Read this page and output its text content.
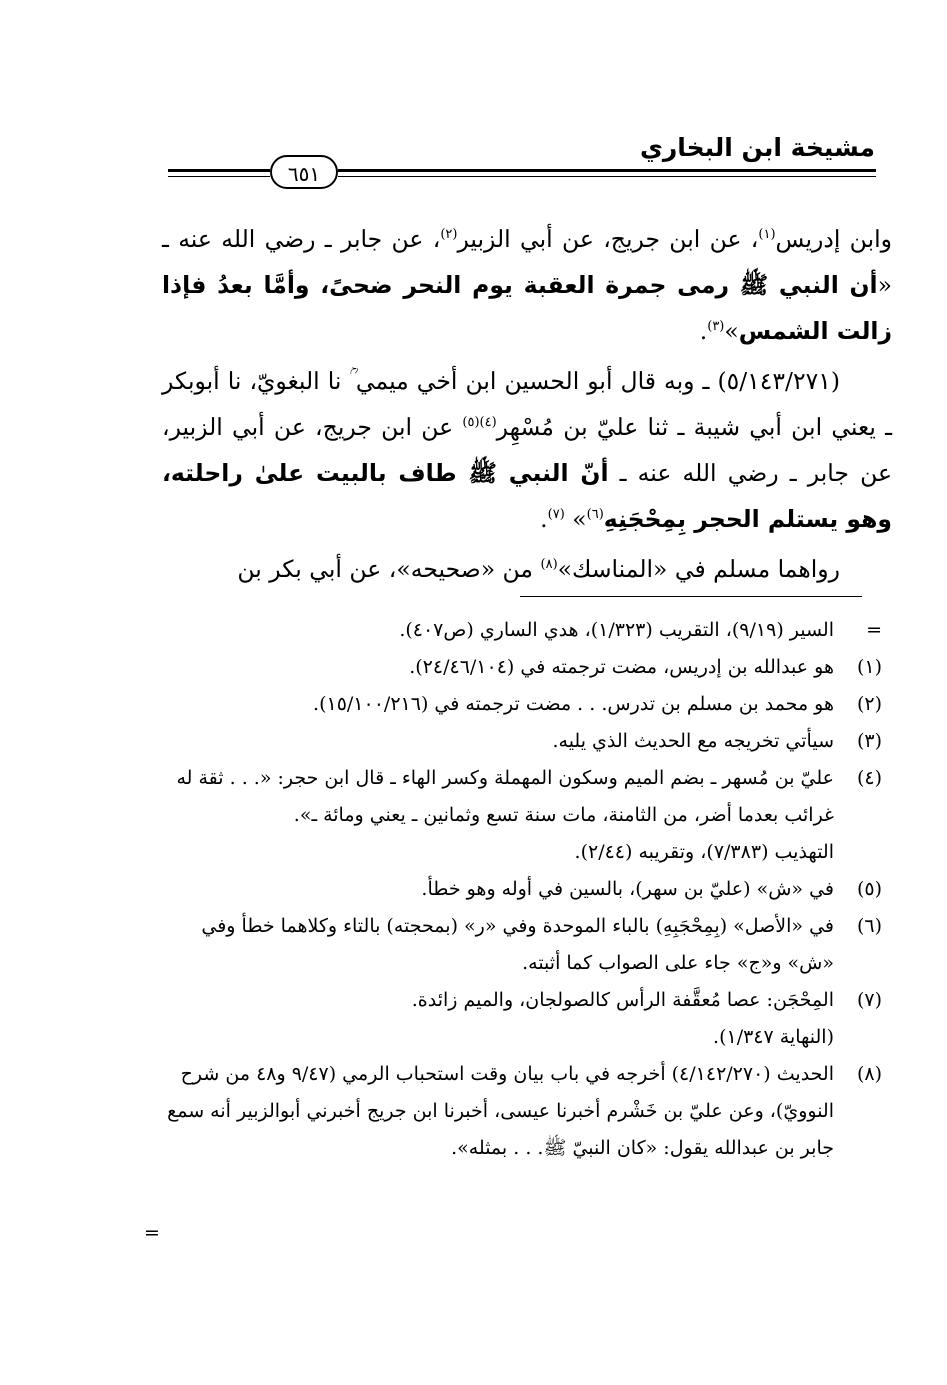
مشيخة ابن البخاري
٦٥١

وابن إدريس$^{(١)}$، عن ابن جريج، عن أبي الزبير$^{(٢)}$، عن جابر ـ رضي الله عنه ـ «أن النبي ﷺ رمى جمرة العقبة يوم النحر ضحىً، وأمَّا بعدُ فإذا زالت الشمس»$^{(٣)}$.

(٥/١٤٣/٢٧١) ـ وبه قال أبو الحسين ابن أخي ميمي ؒ نا البغويّ، نا أبوبكر ـ يعني ابن أبي شيبة ـ ثنا عليّ بن مُسْهِر$^{(٤)(٥)}$ عن ابن جريج، عن أبي الزبير، عن جابر ـ رضي الله عنه ـ أنّ النبي ﷺ طاف بالبيت علىٰ راحلته، وهو يستلم الحجر بِمِحْجَنِهِ$^{(٦)}$» $^{(٧)}$.

رواهما مسلم في «المناسك»$^{(٨)}$ من «صحيحه»، عن أبي بكر بن

=
السير (٩/١٩)، التقريب (١/٣٢٣)، هدي الساري (ص٤٠٧).

(١)
هو عبدالله بن إدريس، مضت ترجمته في (٢٤/٤٦/١٠٤).

(٢)
هو محمد بن مسلم بن تدرس. . . مضت ترجمته في (١٥/١٠٠/٢١٦).

(٣)
سيأتي تخريجه مع الحديث الذي يليه.

(٤)
عليّ بن مُسهر ـ بضم الميم وسكون المهملة وكسر الهاء ـ قال ابن حجر: «. . . ثقة له غرائب بعدما أضر، من الثامنة، مات سنة تسع وثمانين ـ يعني ومائة ـ».

التهذيب (٧/٣٨٣)، وتقريبه (٢/٤٤).

(٥)
في «ش» (عليّ بن سهر)، بالسين في أوله وهو خطأ.

(٦)
في «الأصل» (بِمِحْجَبِهِ) بالباء الموحدة وفي «ر» (بمحجته) بالتاء وكلاهما خطأ وفي «ش» و«ج» جاء على الصواب كما أثبته.

(٧)
المِحْجَن: عصا مُعقَّفة الرأس كالصولجان، والميم زائدة.

(النهاية ١/٣٤٧).

(٨)
الحديث (٤/١٤٢/٢٧٠) أخرجه في باب بيان وقت استحباب الرمي (٩/٤٧ و٤٨ من شرح النوويّ)، وعن عليّ بن خَشْرم أخبرنا عيسى، أخبرنا ابن جريج أخبرني أبوالزبير أنه سمع جابر بن عبدالله يقول: «كان النبيّ ﷺ. . . بمثله».

=
